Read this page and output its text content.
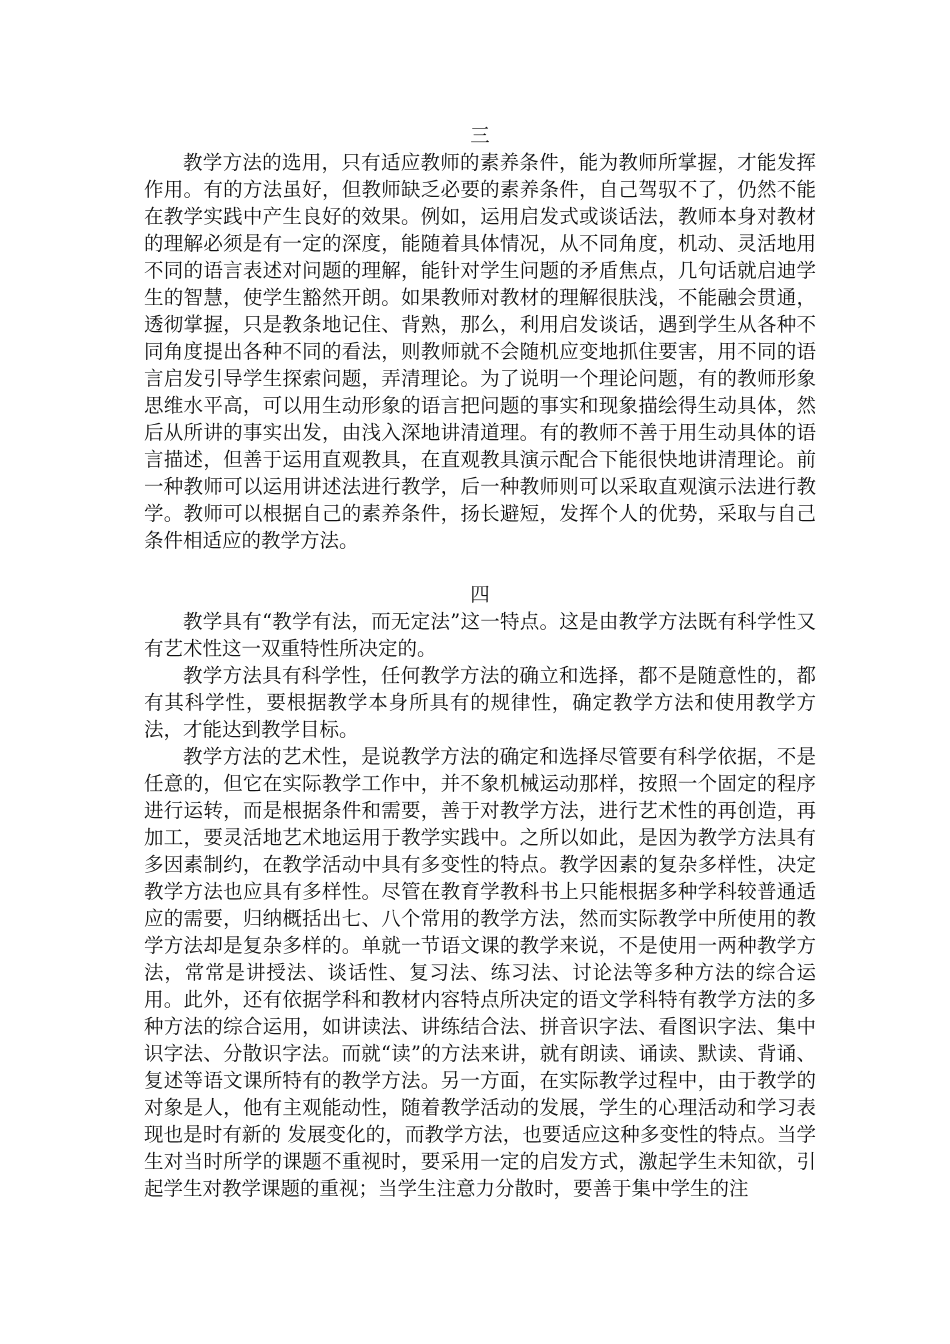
三

教学方法的选用，只有适应教师的素养条件，能为教师所掌握，才能发挥作用。有的方法虽好，但教师缺乏必要的素养条件，自己驾驭不了，仍然不能在教学实践中产生良好的效果。例如，运用启发式或谈话法，教师本身对教材的理解必须是有一定的深度，能随着具体情况，从不同角度，机动、灵活地用不同的语言表述对问题的理解，能针对学生问题的矛盾焦点，几句话就启迪学生的智慧，使学生豁然开朗。如果教师对教材的理解很肤浅，不能融会贯通，透彻掌握，只是教条地记住、背熟，那么，利用启发谈话，遇到学生从各种不同角度提出各种不同的看法，则教师就不会随机应变地抓住要害，用不同的语言启发引导学生探索问题，弄清理论。为了说明一个理论问题，有的教师形象思维水平高，可以用生动形象的语言把问题的事实和现象描绘得生动具体，然后从所讲的事实出发，由浅入深地讲清道理。有的教师不善于用生动具体的语言描述，但善于运用直观教具，在直观教具演示配合下能很快地讲清理论。前一种教师可以运用讲述法进行教学，后一种教师则可以采取直观演示法进行教学。教师可以根据自己的素养条件，扬长避短，发挥个人的优势，采取与自己条件相适应的教学方法。

四

教学具有“教学有法，而无定法”这一特点。这是由教学方法既有科学性又有艺术性这一双重特性所决定的。

教学方法具有科学性，任何教学方法的确立和选择，都不是随意性的，都有其科学性，要根据教学本身所具有的规律性，确定教学方法和使用教学方法，才能达到教学目标。

教学方法的艺术性，是说教学方法的确定和选择尽管要有科学依据，不是任意的，但它在实际教学工作中，并不象机械运动那样，按照一个固定的程序进行运转，而是根据条件和需要，善于对教学方法，进行艺术性的再创造，再加工，要灵活地艺术地运用于教学实践中。之所以如此，是因为教学方法具有多因素制约，在教学活动中具有多变性的特点。教学因素的复杂多样性，决定教学方法也应具有多样性。尽管在教育学教科书上只能根据多种学科较普通适应的需要，归纳概括出七、八个常用的教学方法，然而实际教学中所使用的教学方法却是复杂多样的。单就一节语文课的教学来说，不是使用一两种教学方法，常常是讲授法、谈话性、复习法、练习法、讨论法等多种方法的综合运用。此外，还有依据学科和教材内容特点所决定的语文学科特有教学方法的多种方法的综合运用，如讲读法、讲练结合法、拼音识字法、看图识字法、集中识字法、分散识字法。而就“读”的方法来讲，就有朗读、诵读、默读、背诵、复述等语文课所特有的教学方法。另一方面，在实际教学过程中，由于教学的对象是人，他有主观能动性，随着教学活动的发展，学生的心理活动和学习表现也是时有新的 发展变化的，而教学方法，也要适应这种多变性的特点。当学生对当时所学的课题不重视时，要采用一定的启发方式，激起学生未知欲，引起学生对教学课题的重视；当学生注意力分散时，要善于集中学生的注
